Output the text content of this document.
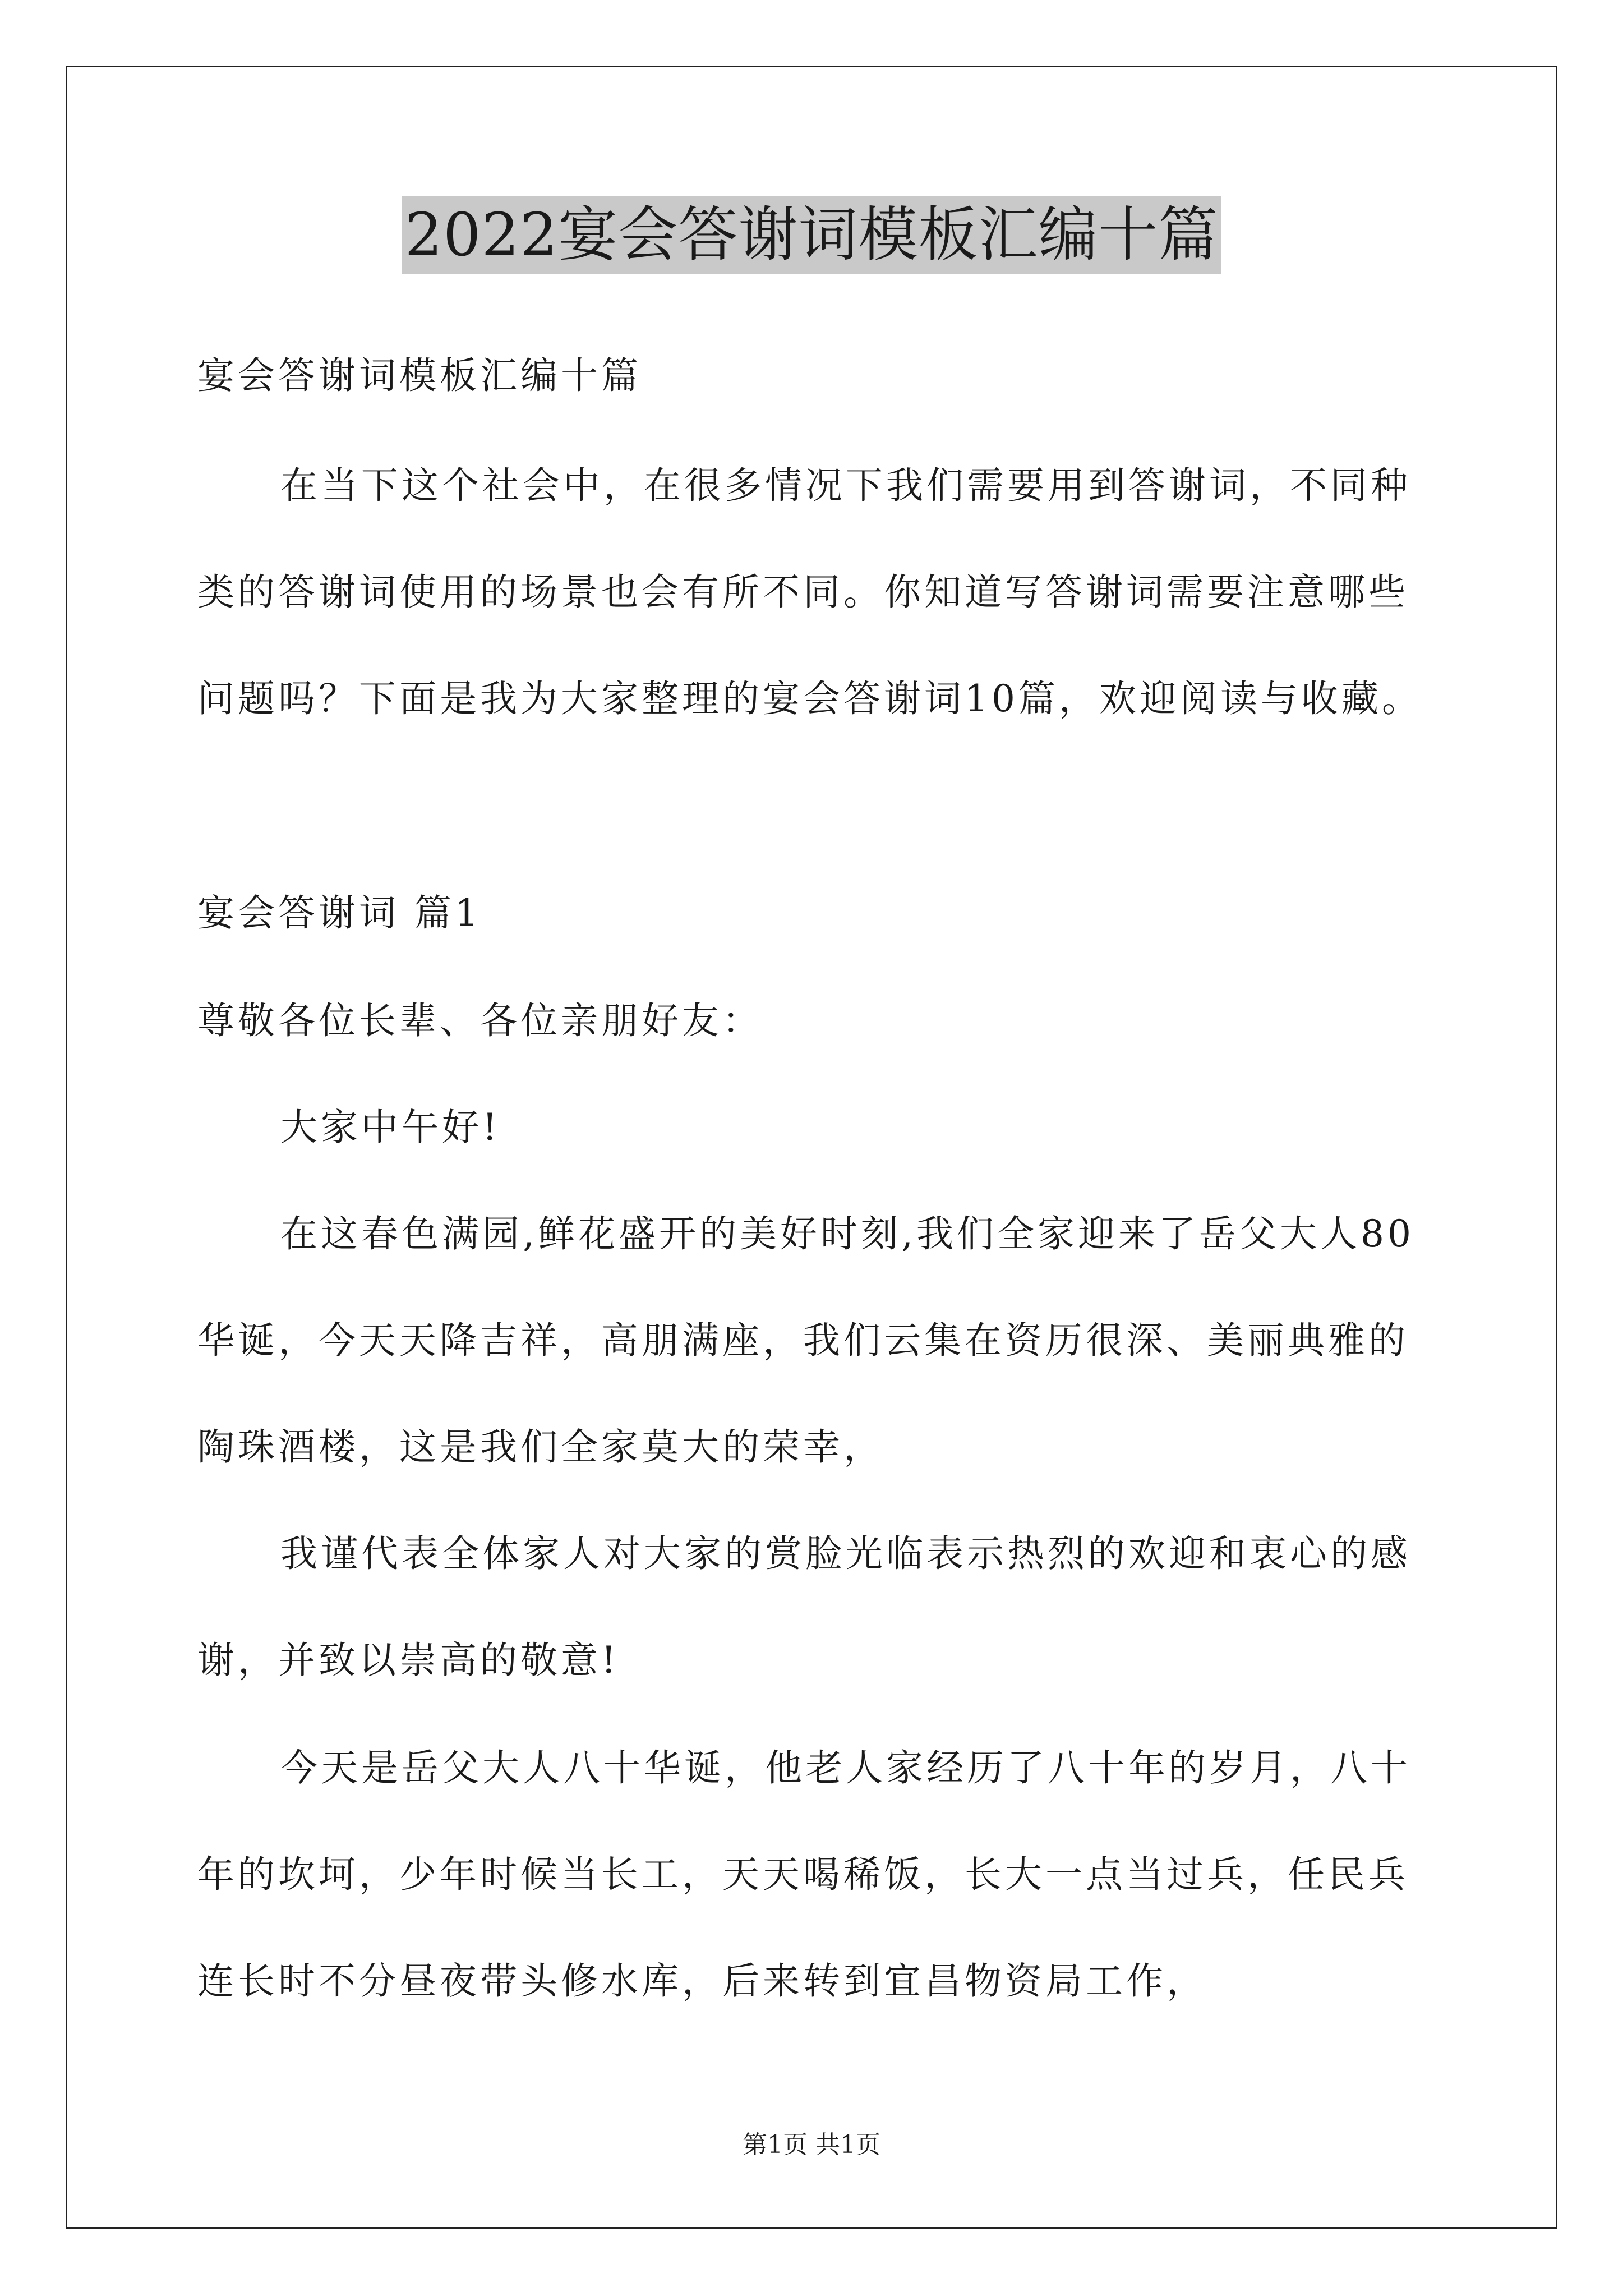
2022宴会答谢词模板汇编十篇
宴会答谢词模板汇编十篇
在当下这个社会中，在很多情况下我们需要用到答谢词，不同种
类的答谢词使用的场景也会有所不同。你知道写答谢词需要注意哪些
问题吗？下面是我为大家整理的宴会答谢词10篇，欢迎阅读与收藏。
宴会答谢词 篇1
尊敬各位长辈、各位亲朋好友：
大家中午好!
在这春色满园,鲜花盛开的美好时刻,我们全家迎来了岳父大人80
华诞，今天天降吉祥，高朋满座，我们云集在资历很深、美丽典雅的
陶珠酒楼，这是我们全家莫大的荣幸，
我谨代表全体家人对大家的赏脸光临表示热烈的欢迎和衷心的感
谢，并致以崇高的敬意!
今天是岳父大人八十华诞，他老人家经历了八十年的岁月，八十
年的坎坷，少年时候当长工，天天喝稀饭，长大一点当过兵，任民兵
连长时不分昼夜带头修水库，后来转到宜昌物资局工作，
第1页 共1页
